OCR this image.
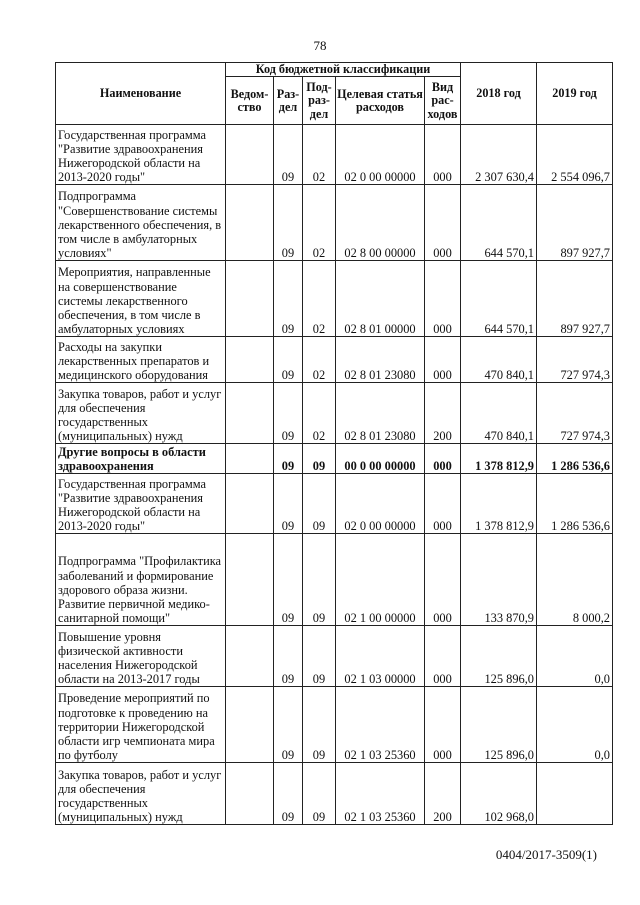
78
Наименование	Код бюджетной классификации					2018 год	2019 год
	Ведом-ство	Раз-дел	Под-раз-дел	Целевая статья расходов	Вид рас-ходов		
Государственная программа "Развитие здравоохранения Нижегородской области на 2013-2020 годы"		09	02	02 0 00 00000	000	2 307 630,4	2 554 096,7
Подпрограмма "Совершенствование системы лекарственного обеспечения, в том числе в амбулаторных условиях"		09	02	02 8 00 00000	000	644 570,1	897 927,7
Мероприятия, направленные на совершенствование системы лекарственного обеспечения, в том числе в амбулаторных условиях		09	02	02 8 01 00000	000	644 570,1	897 927,7
Расходы на закупки лекарственных препаратов и медицинского оборудования		09	02	02 8 01 23080	000	470 840,1	727 974,3
Закупка товаров, работ и услуг для обеспечения государственных (муниципальных) нужд		09	02	02 8 01 23080	200	470 840,1	727 974,3
Другие вопросы в области здравоохранения		09	09	00 0 00 00000	000	1 378 812,9	1 286 536,6
Государственная программа "Развитие здравоохранения Нижегородской области на 2013-2020 годы"		09	09	02 0 00 00000	000	1 378 812,9	1 286 536,6
Подпрограмма "Профилактика заболеваний и формирование здорового образа жизни. Развитие первичной медико-санитарной помощи"		09	09	02 1 00 00000	000	133 870,9	8 000,2
Повышение уровня физической активности населения Нижегородской области на 2013-2017 годы		09	09	02 1 03 00000	000	125 896,0	0,0
Проведение мероприятий по подготовке к проведению на территории Нижегородской области игр чемпионата мира по футболу		09	09	02 1 03 25360	000	125 896,0	0,0
Закупка товаров, работ и услуг для обеспечения государственных (муниципальных) нужд		09	09	02 1 03 25360	200	102 968,0	
0404/2017-3509(1)
